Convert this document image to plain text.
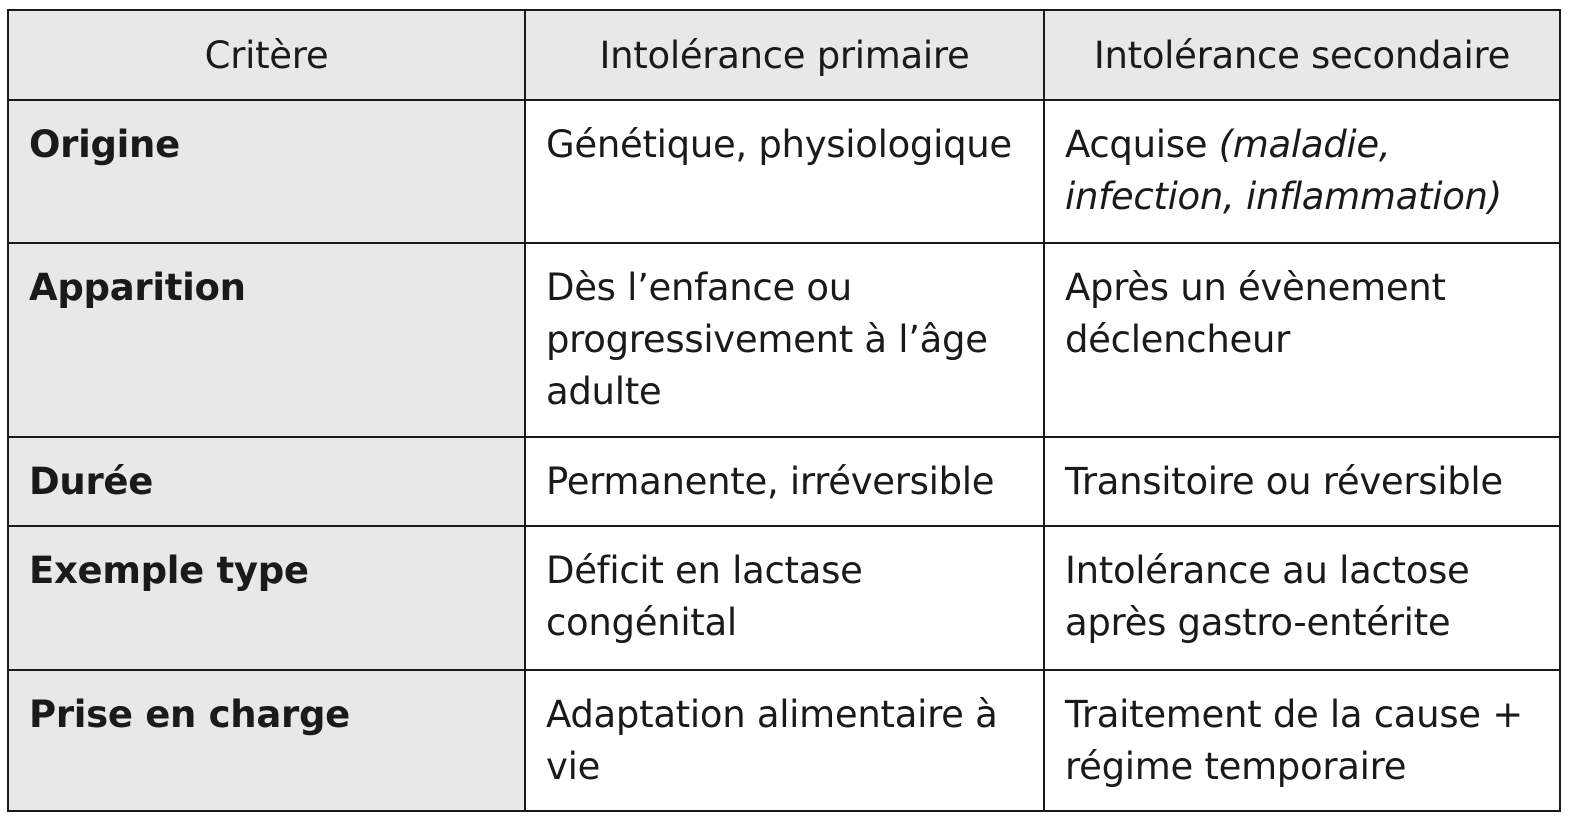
Critère	Intolérance primaire	Intolérance secondaire
Origine	Génétique, physiologique	Acquise (maladie, infection, inflammation)
Apparition	Dès l’enfance ou progressivement à l’âge adulte	Après un évènement déclencheur
Durée	Permanente, irréversible	Transitoire ou réversible
Exemple type	Déficit en lactase congénital	Intolérance au lactose après gastro-entérite
Prise en charge	Adaptation alimentaire à vie	Traitement de la cause + régime temporaire
